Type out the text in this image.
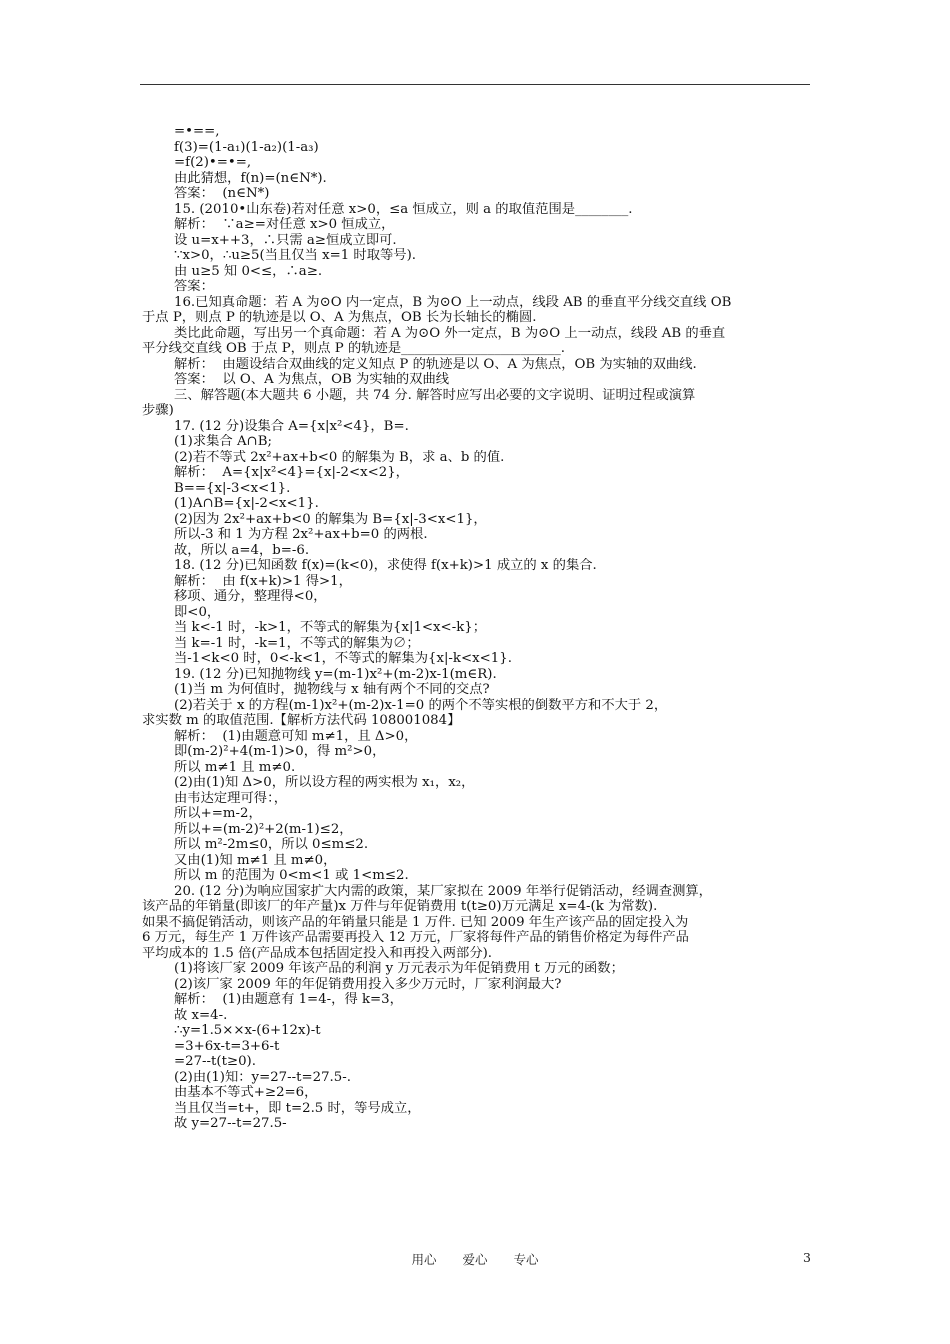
=•==,
f(3)=(1-a₁)(1-a₂)(1-a₃)
=f(2)•=•=,
由此猜想，f(n)=(n∈N*).
答案：  (n∈N*)
15. (2010•山东卷)若对任意 x>0，≤a 恒成立，则 a 的取值范围是________.
解析：  ∵a≥=对任意 x>0 恒成立，
设 u=x++3，∴只需 a≥恒成立即可.
∵x>0，∴u≥5(当且仅当 x=1 时取等号).
由 u≥5 知 0<≤，∴a≥.
答案：
16.已知真命题：若 A 为⊙O 内一定点，B 为⊙O 上一动点，线段 AB 的垂直平分线交直线 OB
于点 P，则点 P 的轨迹是以 O、A 为焦点，OB 长为长轴长的椭圆.
类比此命题，写出另一个真命题：若 A 为⊙O 外一定点，B 为⊙O 上一动点，线段 AB 的垂直
平分线交直线 OB 于点 P，则点 P 的轨迹是________________________.
解析：  由题设结合双曲线的定义知点 P 的轨迹是以 O、A 为焦点，OB 为实轴的双曲线.
答案：  以 O、A 为焦点，OB 为实轴的双曲线
三、解答题(本大题共 6 小题，共 74 分. 解答时应写出必要的文字说明、证明过程或演算
步骤)
17. (12 分)设集合 A={x|x²<4}，B=.
(1)求集合 A∩B;
(2)若不等式 2x²+ax+b<0 的解集为 B，求 a、b 的值.
解析：  A={x|x²<4}={x|-2<x<2}，
B=={x|-3<x<1}.
(1)A∩B={x|-2<x<1}.
(2)因为 2x²+ax+b<0 的解集为 B={x|-3<x<1}，
所以-3 和 1 为方程 2x²+ax+b=0 的两根.
故，所以 a=4，b=-6.
18. (12 分)已知函数 f(x)=(k<0)，求使得 f(x+k)>1 成立的 x 的集合.
解析：  由 f(x+k)>1 得>1，
移项、通分，整理得<0，
即<0，
当 k<-1 时，-k>1，不等式的解集为{x|1<x<-k}；
当 k=-1 时，-k=1，不等式的解集为∅；
当-1<k<0 时，0<-k<1，不等式的解集为{x|-k<x<1}.
19. (12 分)已知抛物线 y=(m-1)x²+(m-2)x-1(m∈R).
(1)当 m 为何值时，抛物线与 x 轴有两个不同的交点?
(2)若关于 x 的方程(m-1)x²+(m-2)x-1=0 的两个不等实根的倒数平方和不大于 2，
求实数 m 的取值范围.【解析方法代码 108001084】
解析：  (1)由题意可知 m≠1，且 Δ>0，
即(m-2)²+4(m-1)>0，得 m²>0，
所以 m≠1 且 m≠0.
(2)由(1)知 Δ>0，所以设方程的两实根为 x₁，x₂，
由韦达定理可得：，
所以+=m-2，
所以+=(m-2)²+2(m-1)≤2，
所以 m²-2m≤0，所以 0≤m≤2.
又由(1)知 m≠1 且 m≠0，
所以 m 的范围为 0<m<1 或 1<m≤2.
20. (12 分)为响应国家扩大内需的政策，某厂家拟在 2009 年举行促销活动，经调查测算，
该产品的年销量(即该厂的年产量)x 万件与年促销费用 t(t≥0)万元满足 x=4-(k 为常数).
如果不搞促销活动，则该产品的年销量只能是 1 万件. 已知 2009 年生产该产品的固定投入为
6 万元，每生产 1 万件该产品需要再投入 12 万元，厂家将每件产品的销售价格定为每件产品
平均成本的 1.5 倍(产品成本包括固定投入和再投入两部分).
(1)将该厂家 2009 年该产品的利润 y 万元表示为年促销费用 t 万元的函数；
(2)该厂家 2009 年的年促销费用投入多少万元时，厂家利润最大?
解析：  (1)由题意有 1=4-，得 k=3，
故 x=4-.
∴y=1.5××x-(6+12x)-t
=3+6x-t=3+6-t
=27--t(t≥0).
(2)由(1)知：y=27--t=27.5-.
由基本不等式+≥2=6，
当且仅当=t+，即 t=2.5 时，等号成立，
故 y=27--t=27.5-
用心 爱心 专心	3
